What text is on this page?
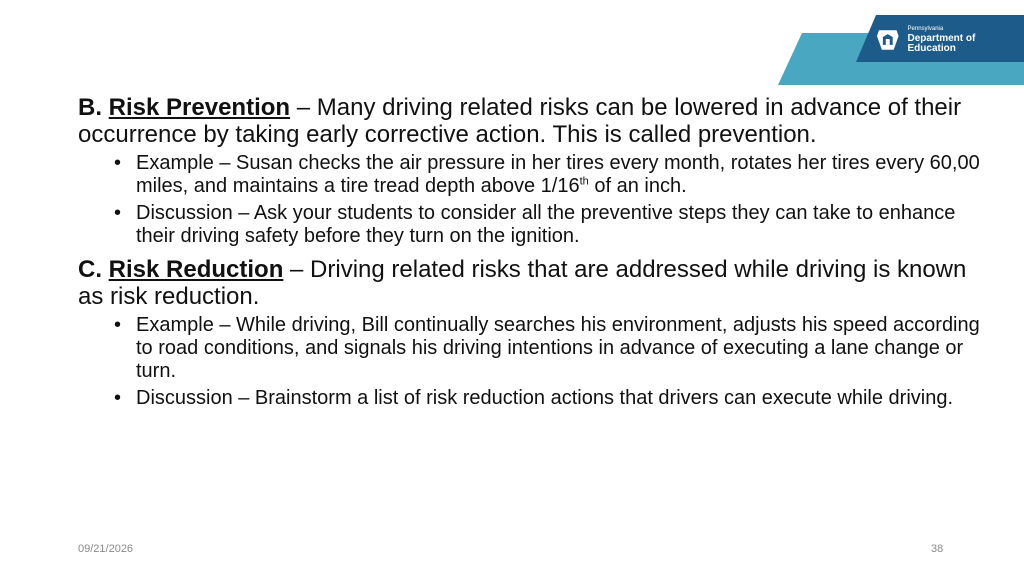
Pennsylvania
Department of Education

B. Risk Prevention – Many driving related risks can be lowered in advance of their occurrence by taking early corrective action. This is called prevention.

• Example – Susan checks the air pressure in her tires every month, rotates her tires every 60,00 miles, and maintains a tire tread depth above 1/16th of an inch.
• Discussion – Ask your students to consider all the preventive steps they can take to enhance their driving safety before they turn on the ignition.

C. Risk Reduction – Driving related risks that are addressed while driving is known as risk reduction.

• Example – While driving, Bill continually searches his environment, adjusts his speed according to road conditions, and signals his driving intentions in advance of executing a lane change or turn.
• Discussion – Brainstorm a list of risk reduction actions that drivers can execute while driving.
09/21/2026	38
